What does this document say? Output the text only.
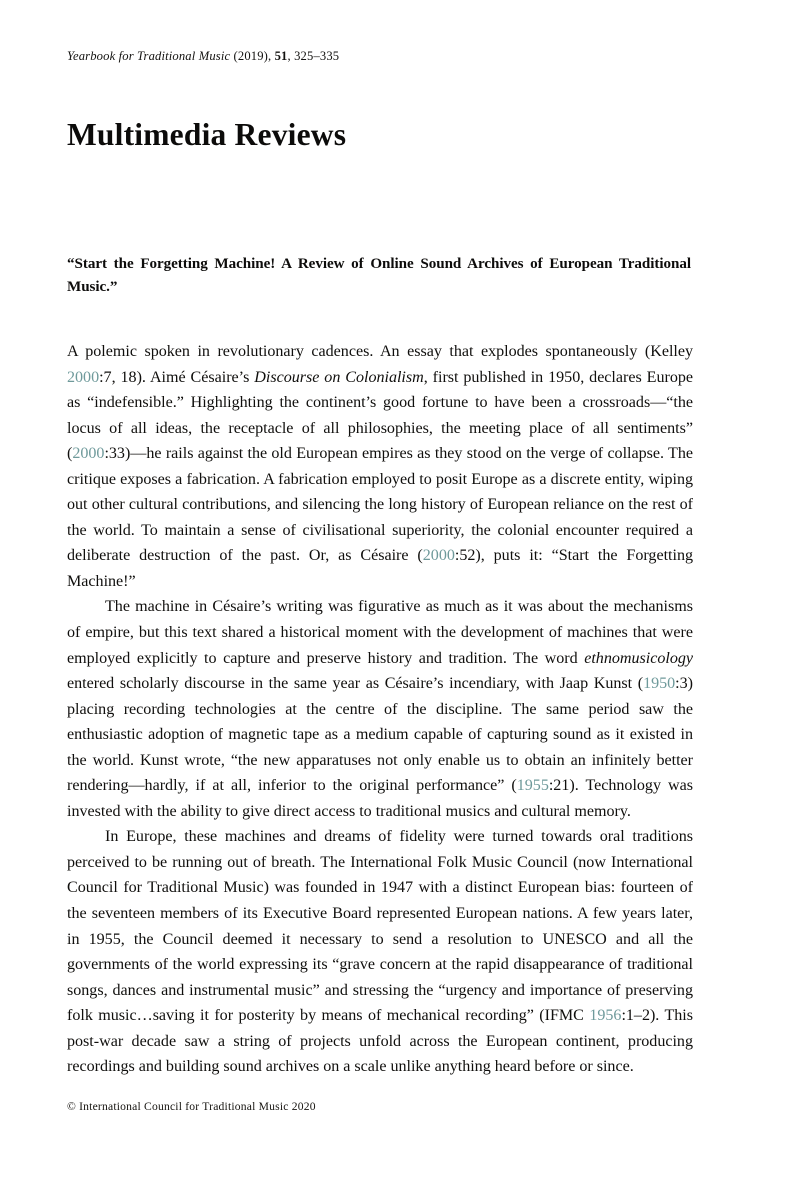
Yearbook for Traditional Music (2019), 51, 325–335
Multimedia Reviews
“Start the Forgetting Machine! A Review of Online Sound Archives of European Traditional Music.”

A polemic spoken in revolutionary cadences. An essay that explodes spontaneously (Kelley 2000:7, 18). Aimé Césaire’s Discourse on Colonialism, first published in 1950, declares Europe as “indefensible.” Highlighting the continent’s good fortune to have been a crossroads—“the locus of all ideas, the receptacle of all philosophies, the meeting place of all sentiments” (2000:33)—he rails against the old European empires as they stood on the verge of collapse. The critique exposes a fabrication. A fabrication employed to posit Europe as a discrete entity, wiping out other cultural contributions, and silencing the long history of European reliance on the rest of the world. To maintain a sense of civilisational superiority, the colonial encounter required a deliberate destruction of the past. Or, as Césaire (2000:52), puts it: “Start the Forgetting Machine!”

The machine in Césaire’s writing was figurative as much as it was about the mechanisms of empire, but this text shared a historical moment with the development of machines that were employed explicitly to capture and preserve history and tradition. The word ethnomusicology entered scholarly discourse in the same year as Césaire’s incendiary, with Jaap Kunst (1950:3) placing recording technologies at the centre of the discipline. The same period saw the enthusiastic adoption of magnetic tape as a medium capable of capturing sound as it existed in the world. Kunst wrote, “the new apparatuses not only enable us to obtain an infinitely better rendering—hardly, if at all, inferior to the original performance” (1955:21). Technology was invested with the ability to give direct access to traditional musics and cultural memory.

In Europe, these machines and dreams of fidelity were turned towards oral traditions perceived to be running out of breath. The International Folk Music Council (now International Council for Traditional Music) was founded in 1947 with a distinct European bias: fourteen of the seventeen members of its Executive Board represented European nations. A few years later, in 1955, the Council deemed it necessary to send a resolution to UNESCO and all the governments of the world expressing its “grave concern at the rapid disappearance of traditional songs, dances and instrumental music” and stressing the “urgency and importance of preserving folk music…saving it for posterity by means of mechanical recording” (IFMC 1956:1–2). This post-war decade saw a string of projects unfold across the European continent, producing recordings and building sound archives on a scale unlike anything heard before or since.

© International Council for Traditional Music 2020
